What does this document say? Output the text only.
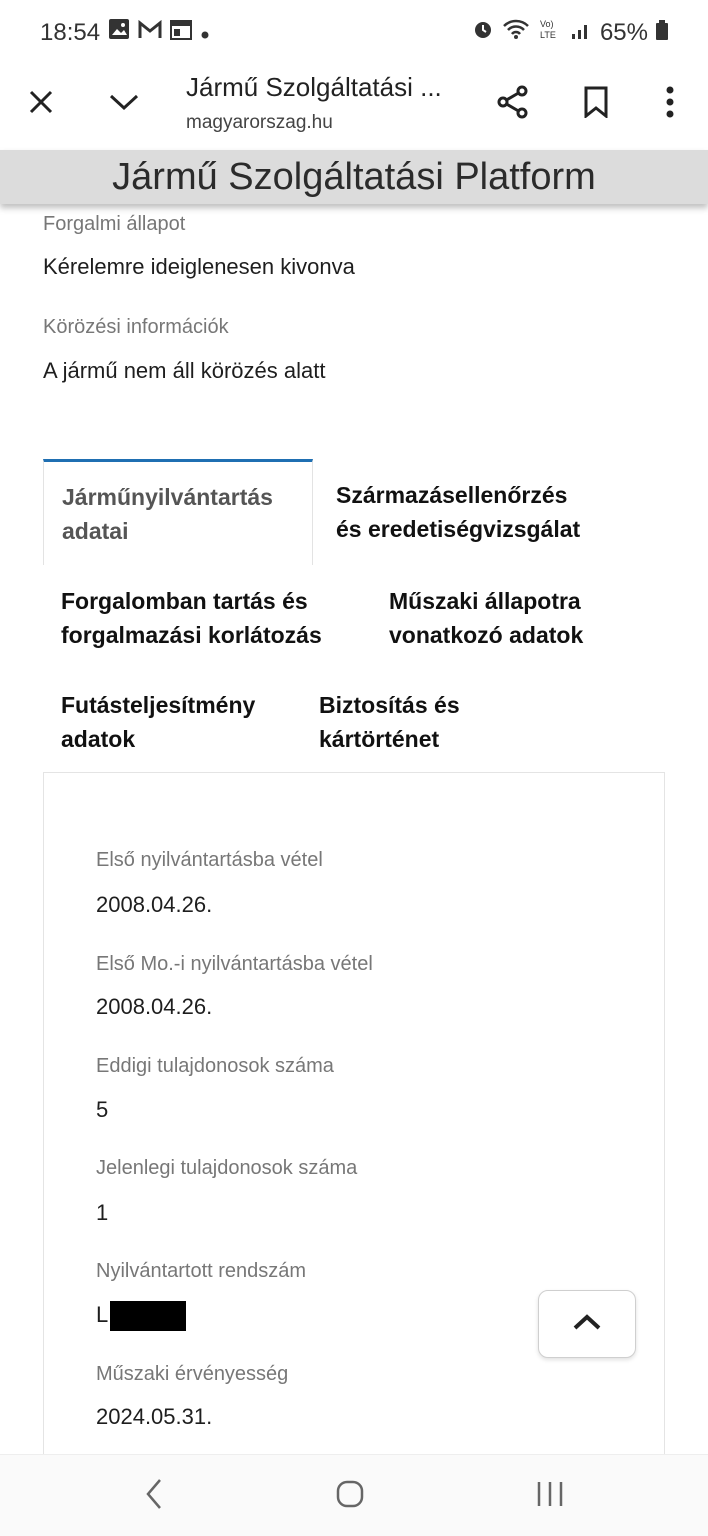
18:54	Vo)
LTE 65%
Jármű Szolgáltatási ...
magyarorszag.hu
Jármű Szolgáltatási Platform
Forgalmi állapot
Kérelemre ideiglenesen kivonva
Körözési információk
A jármű nem áll körözés alatt
Járműnyilvántartás
adatai
Származásellenőrzés
és eredetiségvizsgálat
Forgalomban tartás és
forgalmazási korlátozás
Műszaki állapotra
vonatkozó adatok
Futásteljesítmény
adatok
Biztosítás és
kártörténet
Első nyilvántartásba vétel
2008.04.26.
Első Mo.-i nyilvántartásba vétel
2008.04.26.
Eddigi tulajdonosok száma
5
Jelenlegi tulajdonosok száma
1
Nyilvántartott rendszám
L
Műszaki érvényesség
2024.05.31.
